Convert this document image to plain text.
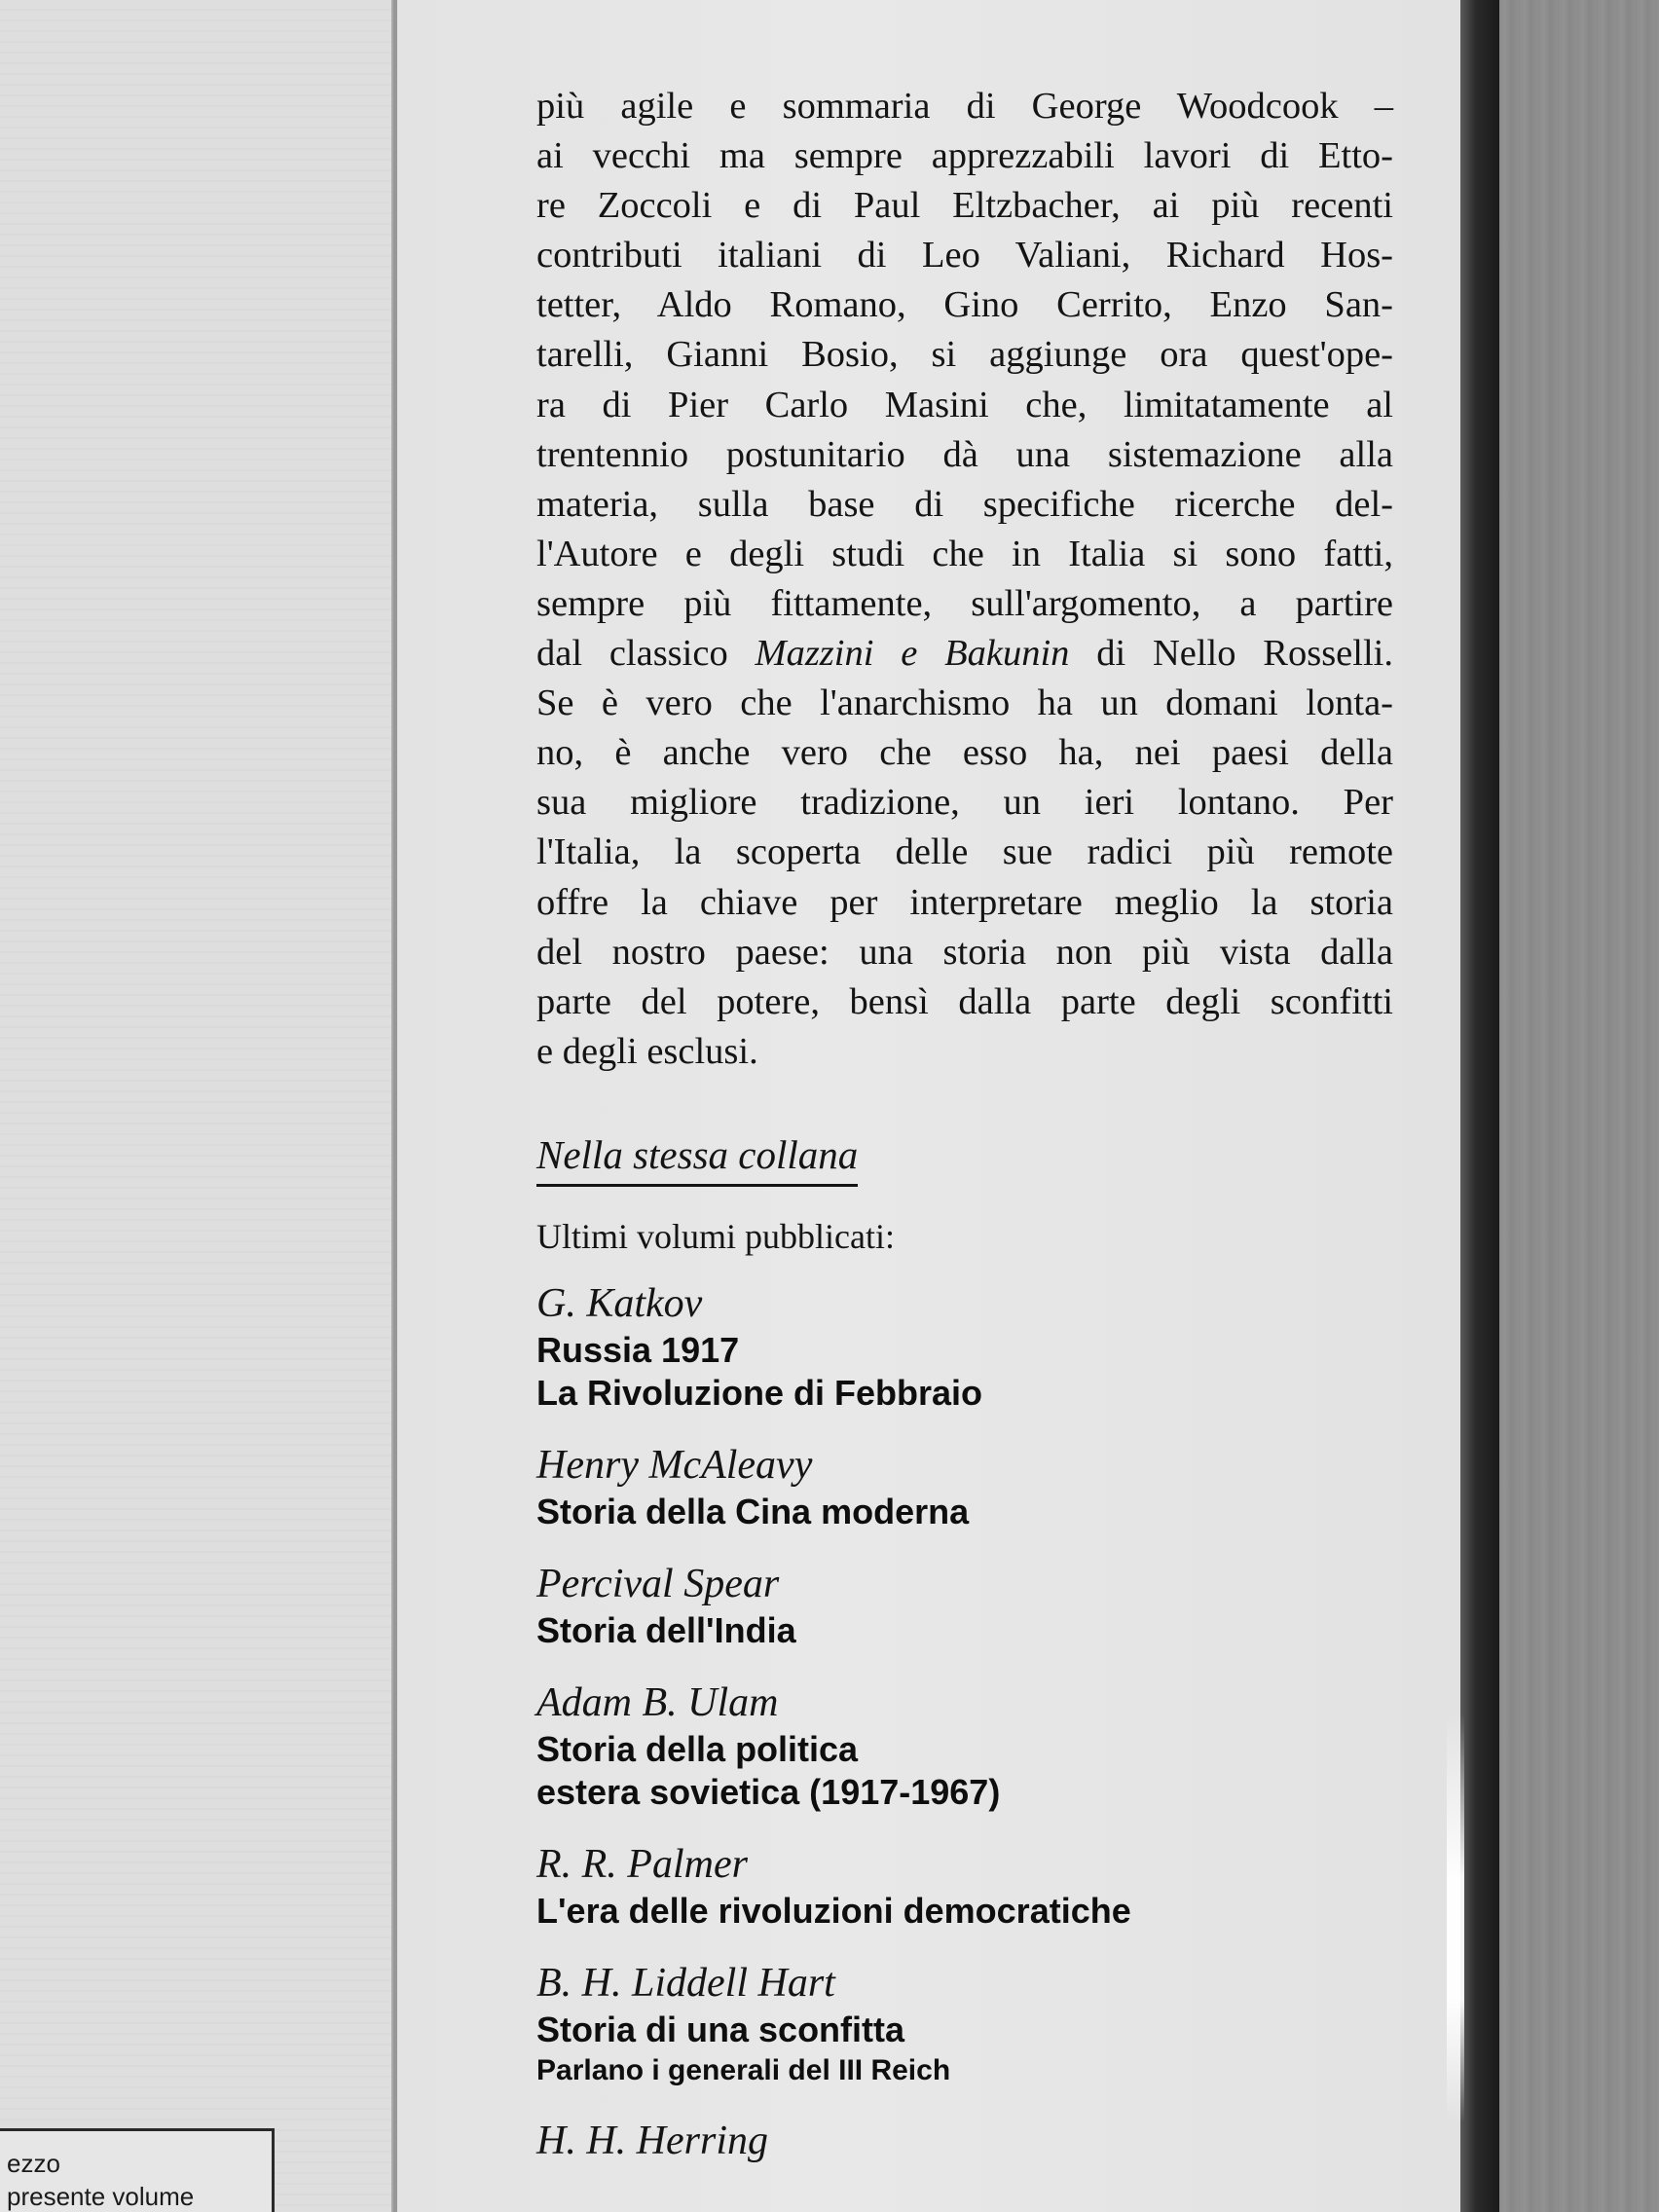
ezzo
presente volume

più agile e sommaria di George Woodcook –

ai vecchi ma sempre apprezzabili lavori di Etto-

re Zoccoli e di Paul Eltzbacher, ai più recenti

contributi italiani di Leo Valiani, Richard Hos-

tetter, Aldo Romano, Gino Cerrito, Enzo San-

tarelli, Gianni Bosio, si aggiunge ora quest'ope-

ra di Pier Carlo Masini che, limitatamente al

trentennio postunitario dà una sistemazione alla

materia, sulla base di specifiche ricerche del-

l'Autore e degli studi che in Italia si sono fatti,

sempre più fittamente, sull'argomento, a partire

dal classico Mazzini e Bakunin di Nello Rosselli.

Se è vero che l'anarchismo ha un domani lonta-

no, è anche vero che esso ha, nei paesi della

sua migliore tradizione, un ieri lontano. Per

l'Italia, la scoperta delle sue radici più remote

offre la chiave per interpretare meglio la storia

del nostro paese: una storia non più vista dalla

parte del potere, bensì dalla parte degli sconfitti

e degli esclusi.

Nella stessa collana
Ultimi volumi pubblicati:
G. Katkov
Russia 1917
La Rivoluzione di Febbraio
Henry McAleavy
Storia della Cina moderna
Percival Spear
Storia dell'India
Adam B. Ulam
Storia della politica
estera sovietica (1917-1967)
R. R. Palmer
L'era delle rivoluzioni democratiche
B. H. Liddell Hart
Storia di una sconfitta
Parlano i generali del III Reich
H. H. Herring
